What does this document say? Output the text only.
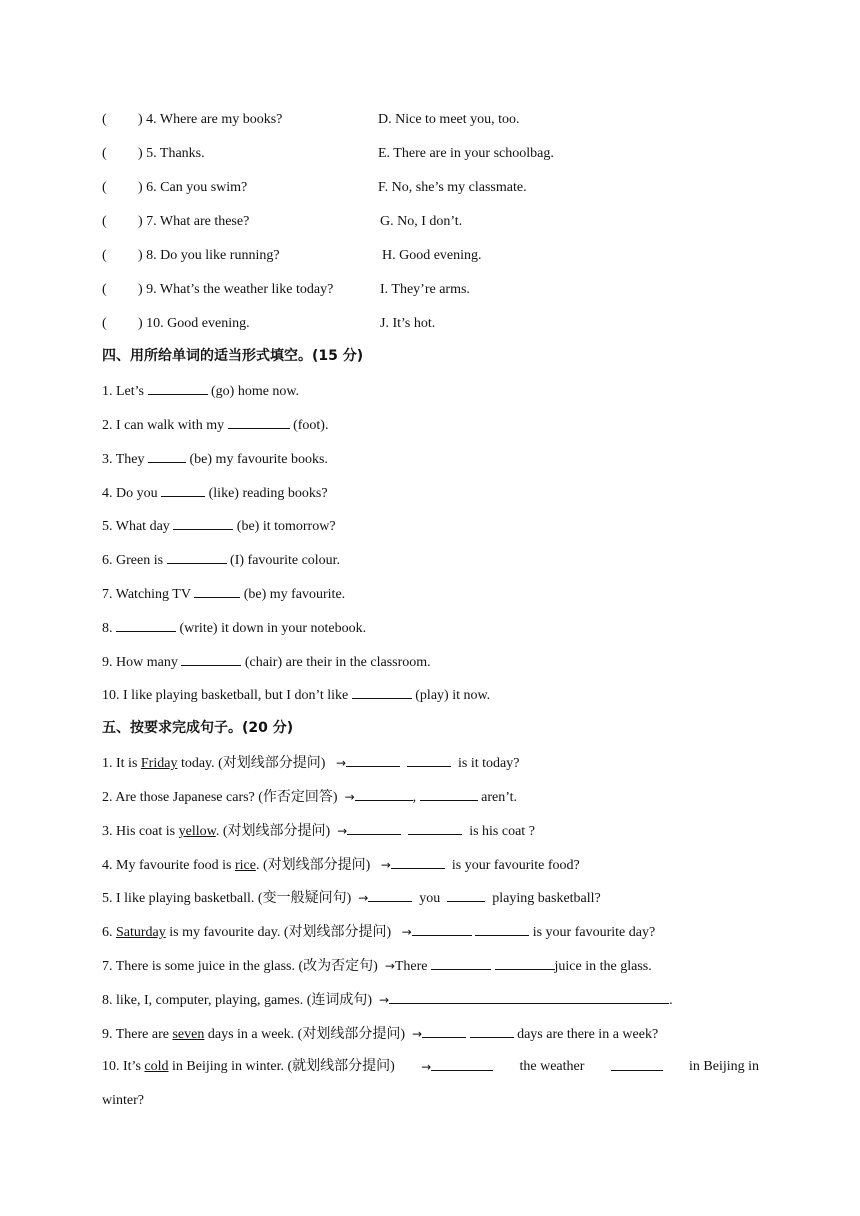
( ) 4. Where are my books?	D. Nice to meet you, too.
( ) 5. Thanks.	E. There are in your schoolbag.
( ) 6. Can you swim?	F. No, she’s my classmate.
( ) 7. What are these?	G. No, I don’t.
( ) 8. Do you like running?	H. Good evening.
( ) 9. What’s the weather like today?	I. They’re arms.
( ) 10. Good evening.	J. It’s hot.
四、用所给单词的适当形式填空。(15 分)
1. Let’s	(go) home now.
2. I can walk with my	(foot).
3. They	(be) my favourite books.
4. Do you	(like) reading books?
5. What day	(be) it tomorrow?
6. Green is	(I) favourite colour.
7. Watching TV	(be) my favourite.
8.	(write) it down in your notebook.
9. How many	(chair) are their in the classroom.
10. I like playing basketball, but I don’t like	(play) it now.
五、按要求完成句子。(20 分)
1. It is Friday today. (对划线部分提问) →	is it today?
2. Are those Japanese cars? (作否定回答) →	,	aren’t.
3. His coat is yellow. (对划线部分提问) →	is his coat ?
4. My favourite food is rice. (对划线部分提问) →	is your favourite food?
5. I like playing basketball. (变一般疑问句) →	you	playing basketball?
6. Saturday is my favourite day. (对划线部分提问) →	is your favourite day?
7. There is some juice in the glass. (改为否定句) →There	juice in the glass.
8. like, I, computer, playing, games. (连词成句) →	.
9. There are seven days in a week. (对划线部分提问) →	days are there in a week?
10. It’s cold in Beijing in winter. (就划线部分提问) →	the weather	in Beijing in
winter?
